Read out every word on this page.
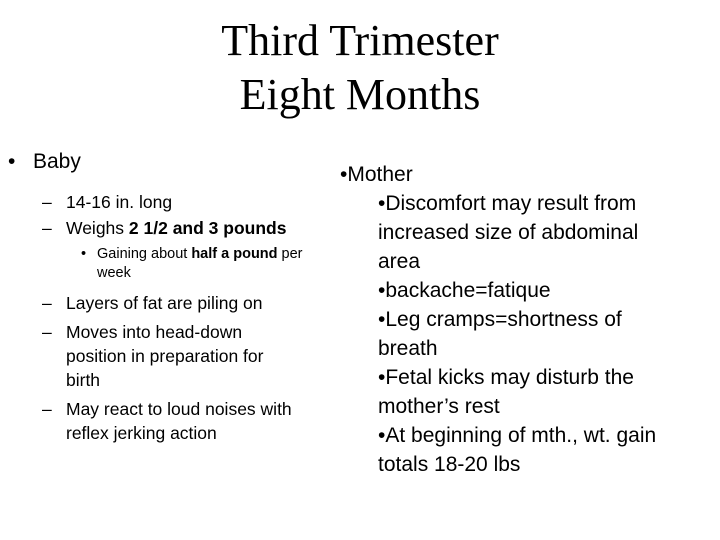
Third Trimester
Eight Months
• Baby
– 14-16 in. long
– Weighs 2 1/2 and 3 pounds
• Gaining about half a pound per
week
– Layers of fat are piling on
– Moves into head-down
position in preparation for
birth
– May react to loud noises with
reflex jerking action
•Mother
•Discomfort may result from
increased size of abdominal
area
•backache=fatique
•Leg cramps=shortness of
breath
•Fetal kicks may disturb the
mother’s rest
•At beginning of mth., wt. gain
totals 18-20 lbs
